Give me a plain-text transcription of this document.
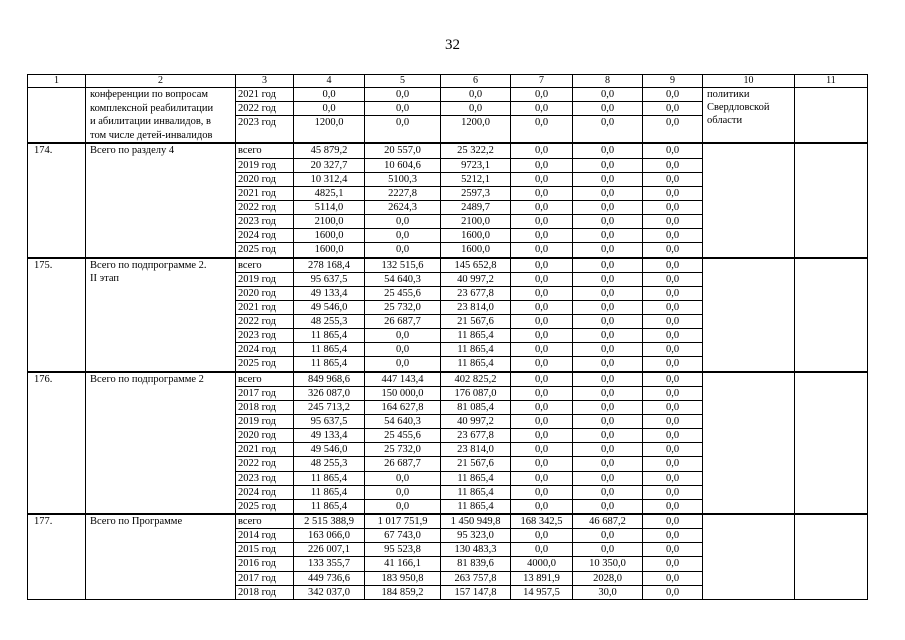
32
1	2	3	4	5	6	7	8	9	10	11
	конференции по вопросам
комплексной реабилитации
и абилитации инвалидов, в
том числе детей-инвалидов	2021 год	0,0	0,0	0,0	0,0	0,0	0,0	политики
Свердловской
области	
		2022 год	0,0	0,0	0,0	0,0	0,0	0,0		
		2023 год	1200,0	0,0	1200,0	0,0	0,0	0,0		
174.	Всего по разделу 4	всего	45 879,2	20 557,0	25 322,2	0,0	0,0	0,0		
		2019 год	20 327,7	10 604,6	9723,1	0,0	0,0	0,0		
		2020 год	10 312,4	5100,3	5212,1	0,0	0,0	0,0		
		2021 год	4825,1	2227,8	2597,3	0,0	0,0	0,0		
		2022 год	5114,0	2624,3	2489,7	0,0	0,0	0,0		
		2023 год	2100,0	0,0	2100,0	0,0	0,0	0,0		
		2024 год	1600,0	0,0	1600,0	0,0	0,0	0,0		
		2025 год	1600,0	0,0	1600,0	0,0	0,0	0,0		
175.	Всего по подпрограмме 2.
II этап	всего	278 168,4	132 515,6	145 652,8	0,0	0,0	0,0		
		2019 год	95 637,5	54 640,3	40 997,2	0,0	0,0	0,0		
		2020 год	49 133,4	25 455,6	23 677,8	0,0	0,0	0,0		
		2021 год	49 546,0	25 732,0	23 814,0	0,0	0,0	0,0		
		2022 год	48 255,3	26 687,7	21 567,6	0,0	0,0	0,0		
		2023 год	11 865,4	0,0	11 865,4	0,0	0,0	0,0		
		2024 год	11 865,4	0,0	11 865,4	0,0	0,0	0,0		
		2025 год	11 865,4	0,0	11 865,4	0,0	0,0	0,0		
176.	Всего по подпрограмме 2	всего	849 968,6	447 143,4	402 825,2	0,0	0,0	0,0		
		2017 год	326 087,0	150 000,0	176 087,0	0,0	0,0	0,0		
		2018 год	245 713,2	164 627,8	81 085,4	0,0	0,0	0,0		
		2019 год	95 637,5	54 640,3	40 997,2	0,0	0,0	0,0		
		2020 год	49 133,4	25 455,6	23 677,8	0,0	0,0	0,0		
		2021 год	49 546,0	25 732,0	23 814,0	0,0	0,0	0,0		
		2022 год	48 255,3	26 687,7	21 567,6	0,0	0,0	0,0		
		2023 год	11 865,4	0,0	11 865,4	0,0	0,0	0,0		
		2024 год	11 865,4	0,0	11 865,4	0,0	0,0	0,0		
		2025 год	11 865,4	0,0	11 865,4	0,0	0,0	0,0		
177.	Всего по Программе	всего	2 515 388,9	1 017 751,9	1 450 949,8	168 342,5	46 687,2	0,0		
		2014 год	163 066,0	67 743,0	95 323,0	0,0	0,0	0,0		
		2015 год	226 007,1	95 523,8	130 483,3	0,0	0,0	0,0		
		2016 год	133 355,7	41 166,1	81 839,6	4000,0	10 350,0	0,0		
		2017 год	449 736,6	183 950,8	263 757,8	13 891,9	2028,0	0,0		
		2018 год	342 037,0	184 859,2	157 147,8	14 957,5	30,0	0,0		
